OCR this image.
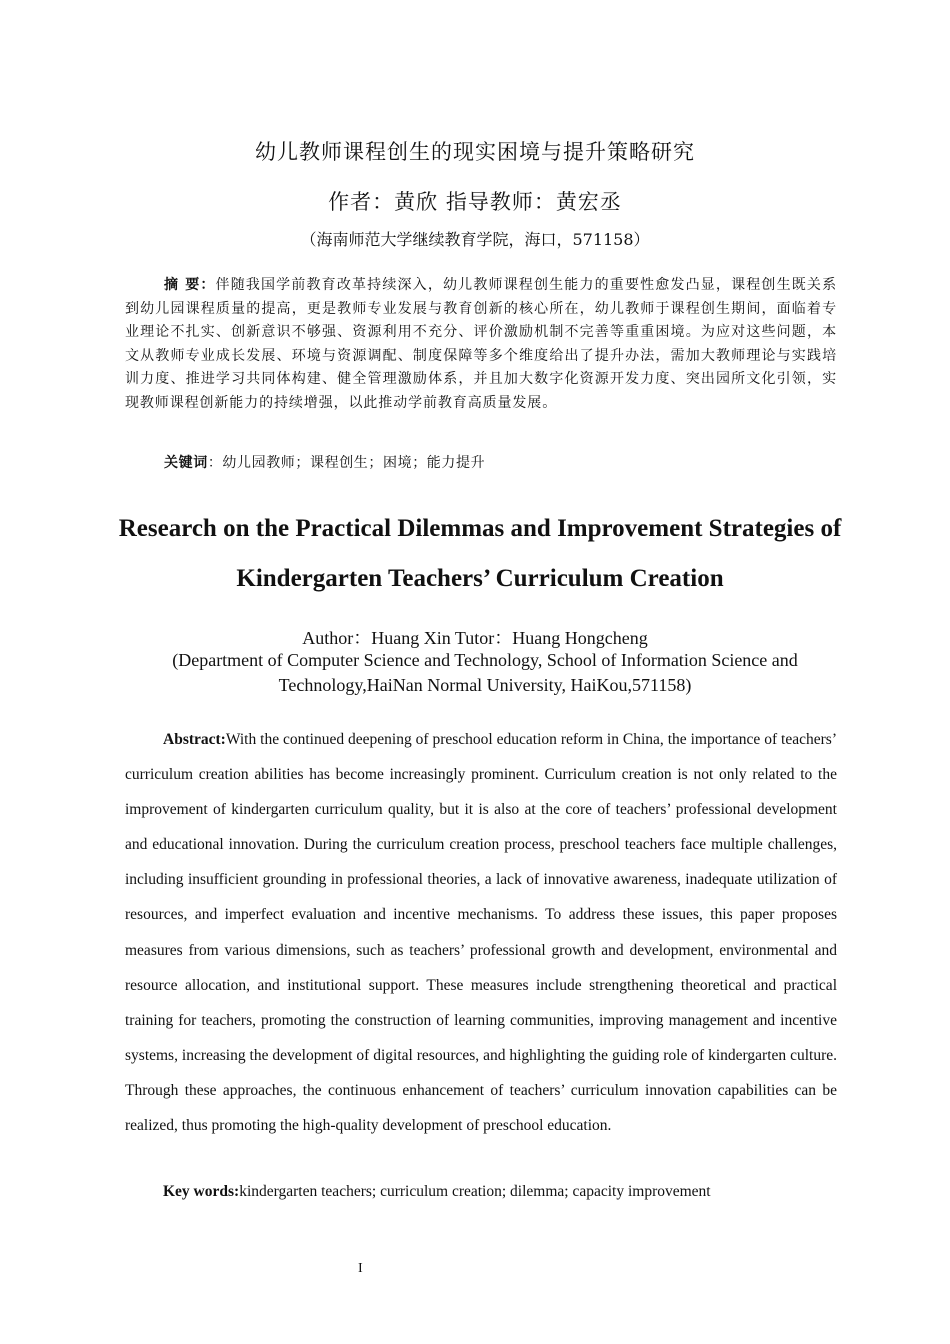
幼儿教师课程创生的现实困境与提升策略研究
作者：黄欣 指导教师：黄宏丞
（海南师范大学继续教育学院，海口，571158）
摘 要：伴随我国学前教育改革持续深入，幼儿教师课程创生能力的重要性愈发凸显，课程创生既关系到幼儿园课程质量的提高，更是教师专业发展与教育创新的核心所在，幼儿教师于课程创生期间，面临着专业理论不扎实、创新意识不够强、资源利用不充分、评价激励机制不完善等重重困境。为应对这些问题，本文从教师专业成长发展、环境与资源调配、制度保障等多个维度给出了提升办法，需加大教师理论与实践培训力度、推进学习共同体构建、健全管理激励体系，并且加大数字化资源开发力度、突出园所文化引领，实现教师课程创新能力的持续增强，以此推动学前教育高质量发展。
关键词：幼儿园教师；课程创生；困境；能力提升
Research on the Practical Dilemmas and Improvement Strategies of Kindergarten Teachers’ Curriculum Creation
Author：Huang Xin Tutor：Huang Hongcheng
(Department of Computer Science and Technology, School of Information Science and Technology,HaiNan Normal University, HaiKou,571158)
Abstract:With the continued deepening of preschool education reform in China, the importance of teachers’ curriculum creation abilities has become increasingly prominent. Curriculum creation is not only related to the improvement of kindergarten curriculum quality, but it is also at the core of teachers’ professional development and educational innovation. During the curriculum creation process, preschool teachers face multiple challenges, including insufficient grounding in professional theories, a lack of innovative awareness, inadequate utilization of resources, and imperfect evaluation and incentive mechanisms. To address these issues, this paper proposes measures from various dimensions, such as teachers’ professional growth and development, environmental and resource allocation, and institutional support. These measures include strengthening theoretical and practical training for teachers, promoting the construction of learning communities, improving management and incentive systems, increasing the development of digital resources, and highlighting the guiding role of kindergarten culture. Through these approaches, the continuous enhancement of teachers’ curriculum innovation capabilities can be realized, thus promoting the high-quality development of preschool education.
Key words:kindergarten teachers; curriculum creation; dilemma; capacity improvement
I
